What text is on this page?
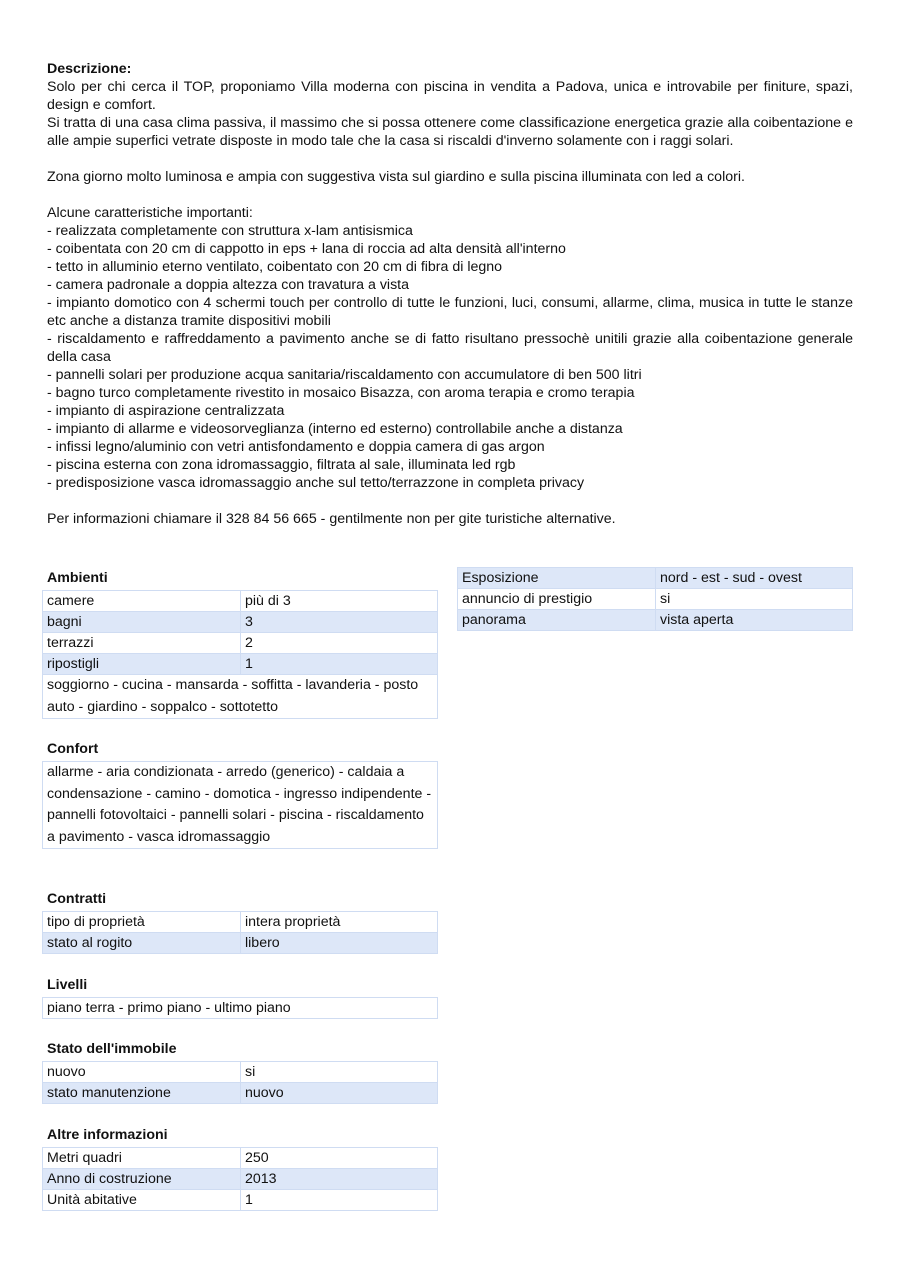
Descrizione:

Solo per chi cerca il TOP, proponiamo Villa moderna con piscina in vendita a Padova, unica e introvabile per finiture, spazi, design e comfort.

Si tratta di una casa clima passiva, il massimo che si possa ottenere come classificazione energetica grazie alla coibentazione e alle ampie superfici vetrate disposte in modo tale che la casa si riscaldi d'inverno solamente con i raggi solari.

Zona giorno molto luminosa e ampia con suggestiva vista sul giardino e sulla piscina illuminata con led a colori.

Alcune caratteristiche importanti:

- realizzata completamente con struttura x-lam antisismica
- coibentata con 20 cm di cappotto in eps + lana di roccia ad alta densità all'interno
- tetto in alluminio eterno ventilato, coibentato con 20 cm di fibra di legno
- camera padronale a doppia altezza con travatura a vista
- impianto domotico con 4 schermi touch per controllo di tutte le funzioni, luci, consumi, allarme, clima, musica in tutte le stanze etc anche a distanza tramite dispositivi mobili
- riscaldamento e raffreddamento a pavimento anche se di fatto risultano pressochè unitili grazie alla coibentazione generale della casa
- pannelli solari per produzione acqua sanitaria/riscaldamento con accumulatore di ben 500 litri
- bagno turco completamente rivestito in mosaico Bisazza, con aroma terapia e cromo terapia
- impianto di aspirazione centralizzata
- impianto di allarme e videosorveglianza (interno ed esterno) controllabile anche a distanza
- infissi legno/aluminio con vetri antisfondamento e doppia camera di gas argon
- piscina esterna con zona idromassaggio, filtrata al sale, illuminata led rgb
- predisposizione vasca idromassaggio anche sul tetto/terrazzone in completa privacy

Per informazioni chiamare il 328 84 56 665 - gentilmente non per gite turistiche alternative.

Ambienti
camere	più di 3
bagni	3
terrazzi	2
ripostigli	1
soggiorno - cucina - mansarda - soffitta - lavanderia - posto auto - giardino - soppalco - sottotetto	
Esposizione	nord - est - sud - ovest
annuncio di prestigio	si
panorama	vista aperta
Confort
allarme - aria condizionata - arredo (generico) - caldaia a condensazione - camino - domotica - ingresso indipendente - pannelli fotovoltaici - pannelli solari - piscina - riscaldamento a pavimento - vasca idromassaggio
Contratti
tipo di proprietà	intera proprietà
stato al rogito	libero
Livelli
piano terra - primo piano - ultimo piano
Stato dell'immobile
nuovo	si
stato manutenzione	nuovo
Altre informazioni
Metri quadri	250
Anno di costruzione	2013
Unità abitative	1
